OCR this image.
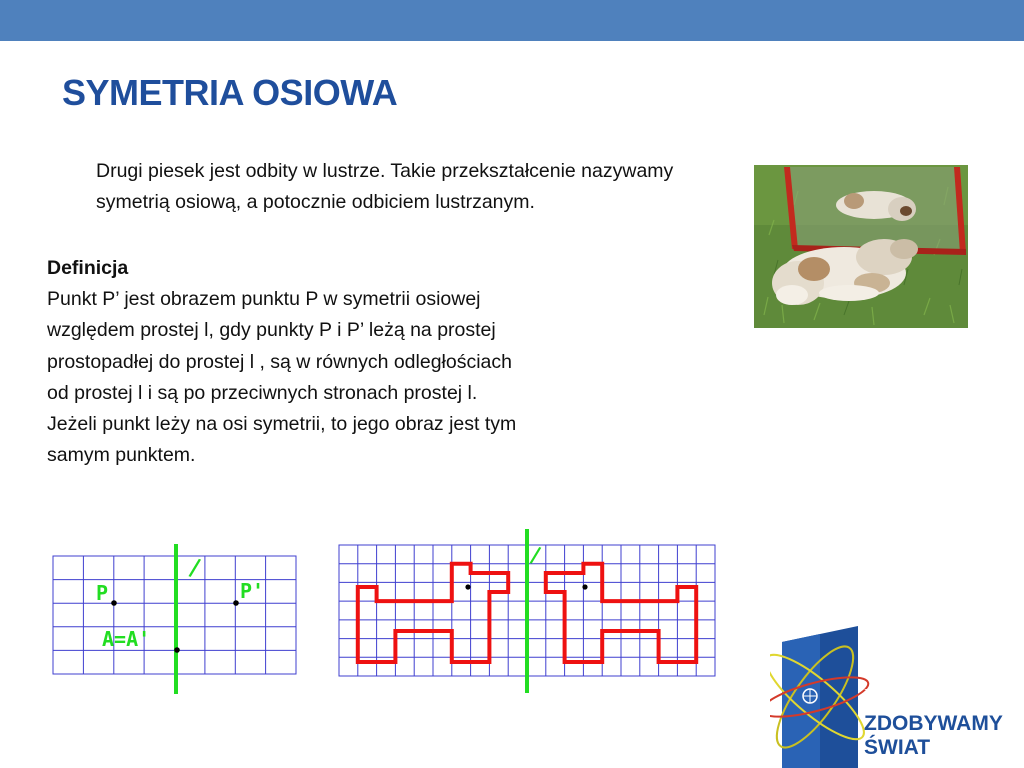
SYMETRIA OSIOWA
Drugi piesek jest odbity w lustrze. Takie przekształcenie nazywamy symetrią osiową, a potocznie odbiciem lustrzanym.

Definicja

Punkt P’ jest obrazem punktu P w symetrii osiowej względem prostej l, gdy punkty P i P’ leżą na prostej prostopadłej do prostej l , są w równych odległościach od prostej l i są po przeciwnych stronach prostej l.

Jeżeli punkt leży na osi symetrii, to jego obraz jest tym samym punktem.

l
P	P'
A=A'
l
Z FIZYKĄ, MATEMATYKĄ
I PRZEDSIĘBIORCZOŚCIĄ
ZDOBYWAMY
ŚWIAT
